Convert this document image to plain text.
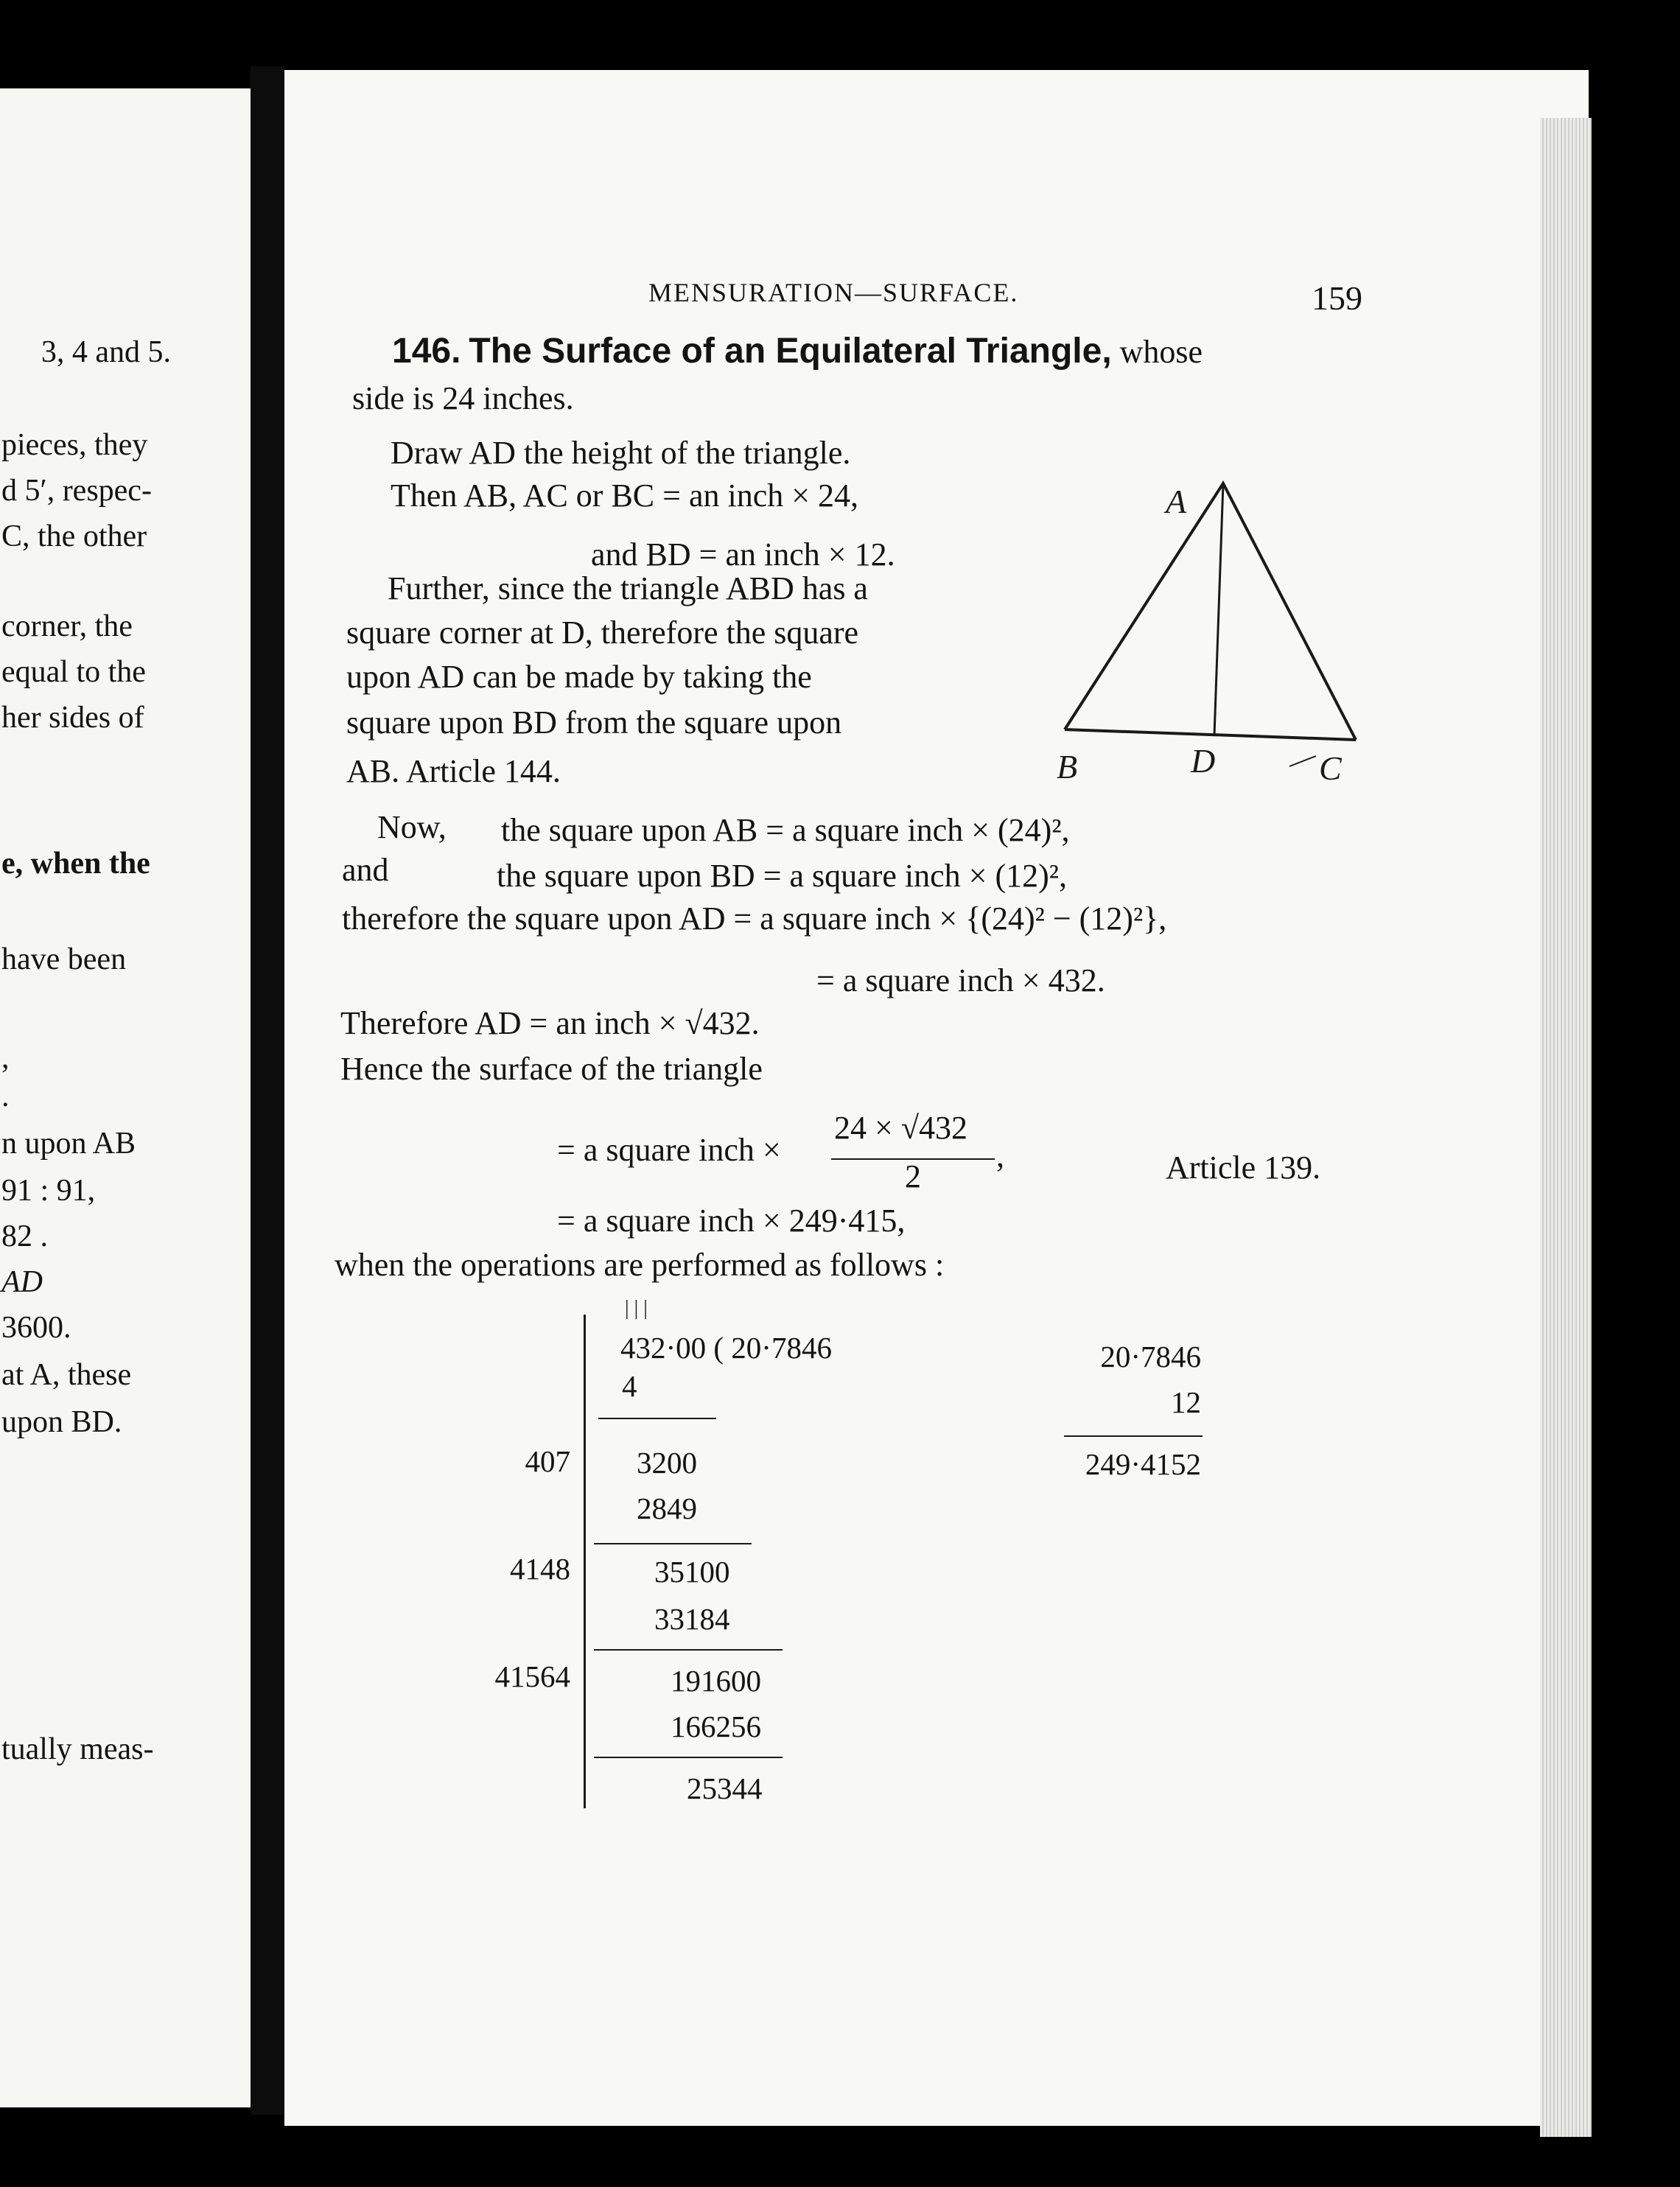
3, 4 and 5.
pieces, they
d 5′, respec-
C, the other
corner, the
equal to the
her sides of
e, when the
have been
,
.
n upon AB
91 : 91,
82 .
AD
3600.
at A, these
upon BD.
tually meas-
MENSURATION—SURFACE.	159
146. The Surface of an Equilateral Triangle, whose
side is 24 inches.
Draw AD the height of the triangle.
Then AB, AC or BC = an inch × 24,
and BD = an inch × 12.
Further, since the triangle ABD has a
square corner at D, therefore the square
upon AD can be made by taking the
square upon BD from the square upon
AB. Article 144.
A
B	D	C
Now, the square upon AB = a square inch × (24)²,
and	the square upon BD = a square inch × (12)²,
therefore the square upon AD = a square inch × {(24)² − (12)²},
= a square inch × 432.
Therefore AD = an inch × √432.
Hence the surface of the triangle
= a square inch ×
24 × √432
2
,	Article 139.
= a square inch × 249·415,
when the operations are performed as follows :
| | |
432·00 ( 20·7846
4
407 3200
2849
4148	35100
33184
41564	191600
166256
25344
20·7846
12
249·4152
